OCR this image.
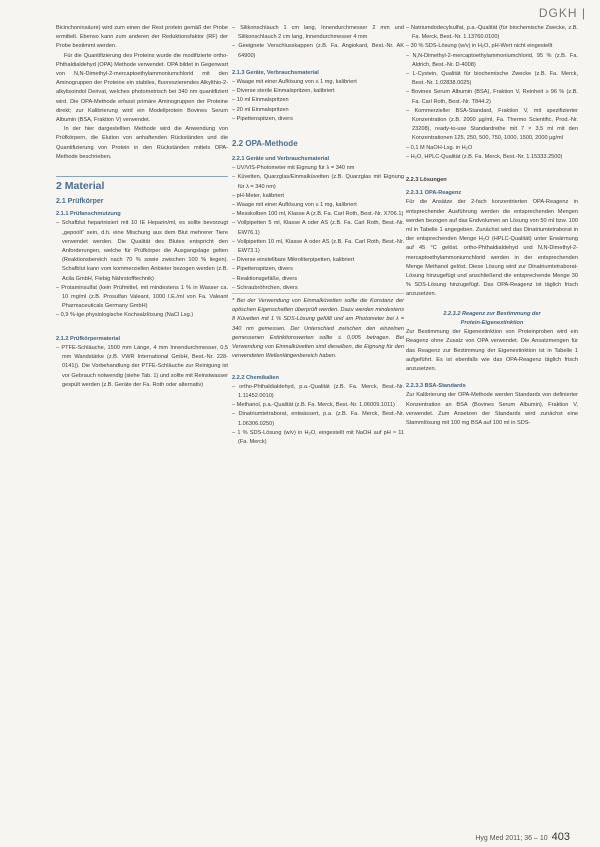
DGKH |

Bicinchoninsäure) wird zum einen der Rest protein gemäß der Probe ermittelt. Ebenso kann zum anderen der Reduktionsfaktor (RF) der Probe bestimmt werden.

Für die Quantifizierung des Proteins wurde die modifizierte ortho-Phthaldialdehyd (OPA) Methode verwendet. OPA bildet in Gegenwart von N,N-Dimethyl-2-mercaptoethylammoniumchlorid mit den Aminogruppen der Proteine ein stabiles, fluoreszierendes Alkylthio-2-alkylisoindol Derivat, welches photometrisch bei 340 nm quantifiziert wird. Die OPA-Methode erfasst primäre Aminogruppen der Proteine direkt; zur Kalibrierung wird ein Modellprotein Bovines Serum Albumin (BSA, Fraktion V) verwendet.

In der hier dargestellten Methode wird die Anwendung von Prüfkörpern, die Elution von anhaftenden Rückständen und die Quantifizierung von Protein in den Rückständen mittels OPA-Methode beschrieben.

2 Material
2.1 Prüfkörper
2.1.1 Prüfanschmutzung
– Schafblut heparinisiert mit 10 IE Heparin/ml, es sollte bevorzugt „gepoolt" sein, d.h. eine Mischung aus dem Blut mehrerer Tiere verwendet werden. Die Qualität des Blutes entspricht den Anforderungen, welche für Prüfkörper die Ausgangslage gelten (Reaktionsbereich nach 70 % sowie zwischen 100 % liegen). Schafblut kann vom kommerziellen Anbieter bezogen werden (z.B. Acila GmbH, Fiebig Nährstofftechnik)
– Protaminsulfat (kein Prüfmittel, mit mindestens 1 % in Wasser ca. 10 mg/ml (z.B. Prosulfan Valeant, 1000 I.E./ml von Fa. Valeant Pharmaceuticals Germany GmbH)
– 0,9 %-ige physiologische Kochsalzlösung (NaCl Lsg.)
2.1.2 Prüfkörpermaterial
– PTFE-Schläuche, 1500 mm Länge, 4 mm Innendurchmesser, 0,5 mm Wandstärke (z.B. VWR International GmbH, Best.-Nr. 228-0141)). Die Vorbehandlung der PTFE-Schläuche zur Reinigung ist vor Gebrauch notwendig (siehe Tab. 1) und sollte mit Reinstwasser gespült werden (z.B. Geräte der Fa. Roth oder alternativ)
– Silikonschlauch 1 cm lang, Innendurchmesser 2 mm und Silikonschlauch 2 cm lang, Innendurchmesser 4 mm
– Geeignete Verschlusskappen (z.B. Fa. Angiokard, Best.-Nr. AK 64900)
2.1.3 Geräte, Verbrauchsmaterial
– Waage mit einer Auflösung von ≤ 1 mg, kalibriert
– Diverse sterile Einmalspritzen, kalibriert
– 10 ml Einmalspritzen
– 20 ml Einmalspritzen
– Pipettenspitzen, divers
2.2 OPA-Methode
2.2.1 Geräte und Verbrauchsmaterial
– UV/VIS-Photometer mit Eignung für λ = 340 nm
– Küvetten, Quarzglas/Einmalküvetten (z.B. Quarzglas mit Eignung für λ = 340 nm)
– pH-Meter, kalibriert
– Waage mit einer Auflösung von ≤ 1 mg, kalibriert
– Messkolben 100 ml, Klasse A (z.B. Fa. Carl Roth, Best.-Nr. X706.1)
– Vollpipetten 5 ml, Klasse A oder AS (z.B. Fa. Carl Roth, Best.-Nr. EW76.1)
– Vollpipetten 10 ml, Klasse A oder AS (z.B. Fa. Carl Roth, Best.-Nr. EW73.1)
– Diverse einstellbare Mikroliterpipetten, kalibriert
– Pipettenspitzen, divers
– Reaktionsgefäße, divers
– Schraubröhrchen, divers

* Bei der Verwendung von Einmalküvetten sollte die Konstanz der optischen Eigenschaften überprüft werden. Dazu werden mindestens 8 Küvetten mit 1 % SDS-Lösung gefüllt und am Photometer bei λ = 340 nm gemessen. Der Unterschied zwischen den einzelnen gemessenen Extinktionswerten sollte ≤ 0,005 betragen. Bei Verwendung von Einmalküvetten sind dieselben, die Eignung für den verwendeten Wellenlängenbereich haben.

2.2.2 Chemikalien
– ortho-Phthaldialdehyd, p.a.-Qualität (z.B. Fa. Merck, Best.-Nr. 1.11452.0010)
– Methanol, p.a.-Qualität (z.B. Fa. Merck, Best.-Nr. 1.06009.1011)
– Dinatriumtetraborat, entwässert, p.a. (z.B. Fa. Merck, Best.-Nr. 1.06306.0250)
– 1 % SDS-Lösung (w/v) in H₂O, eingestellt mit NaOH auf pH ≈ 11 (Fa. Merck)
– Natriumdodecylsulfat, p.a.-Qualität (für biochemische Zwecke, z.B. Fa. Merck, Best.-Nr. 1.13760.0100)
– 30 % SDS-Lösung (w/v) in H₂O, pH-Wert nicht eingestellt
– N,N-Dimethyl-2-mercaptoethylammoniumchlorid, 95 % (z.B. Fa. Aldrich, Best.-Nr. D-4008)
– L-Cystein, Qualität für biochemische Zwecke (z.B. Fa. Merck, Best.-Nr. 1.02838.0025)
– Bovines Serum Albumin (BSA), Fraktion V, Reinheit ≥ 96 % (z.B. Fa. Carl Roth, Best.-Nr. T844.2)
– Kommerzieller BSA-Standard, Fraktion V, mit spezifizierter Konzentration (z.B. 2000 µg/ml, Fa. Thermo Scientific, Prod.-Nr. 23208), ready-to-use Standardreihe mit 7 × 3,5 ml mit den Konzentrationen 125, 250, 500, 750, 1000, 1500, 2000 µg/ml
– 0,1 M NaOH-Lsg. in H₂O
– H₂O, HPLC-Qualität (z.B. Fa. Merck, Best.-Nr. 1.15333.2500)
2.2.3 Lösungen
2.2.3.1 OPA-Reagenz

Für die Ansätze der 2-fach konzentrierten OPA-Reagenz in entsprechender Ausführung werden die entsprechenden Mengen werden bezogen auf das Endvolumen an Lösung von 50 ml bzw. 100 ml in Tabelle 1 angegeben. Zunächst wird das Dinatriumtetraborat in der entsprechenden Menge H₂O (HPLC-Qualität) unter Erwärmung auf 45 °C gelöst. ortho-Phthaldialdehyd und N,N-Dimethyl-2-mercaptoethylammoniumchlorid werden in der entsprechenden Menge Methanol gelöst. Diese Lösung wird zur Dinatriumtetraborat-Lösung hinzugefügt und anschließend die entsprechende Menge 30 % SDS-Lösung hinzugefügt. Das OPA-Reagenz ist täglich frisch anzusetzen.

2.2.3.2 Reagenz zur Bestimmung der
Protein-Eigenextinktion

Zur Bestimmung der Eigenextinktion von Proteinproben wird ein Reagenz ohne Zusatz von OPA verwendet. Die Ansatzmengen für das Reagenz zur Bestimmung der Eigenextinktion ist in Tabelle 1 aufgeführt. Es ist ebenfalls wie das OPA-Reagenz täglich frisch anzusetzen.

2.2.3.3 BSA-Standards

Zur Kalibrierung der OPA-Methode werden Standards von definierter Konzentration an BSA (Bovines Serum Albumin), Fraktion V, verwendet. Zum Ansetzen der Standards wird zunächst eine Stammlösung mit 100 mg BSA auf 100 ml in SDS-

Hyg Med 2011; 36 – 10 403
